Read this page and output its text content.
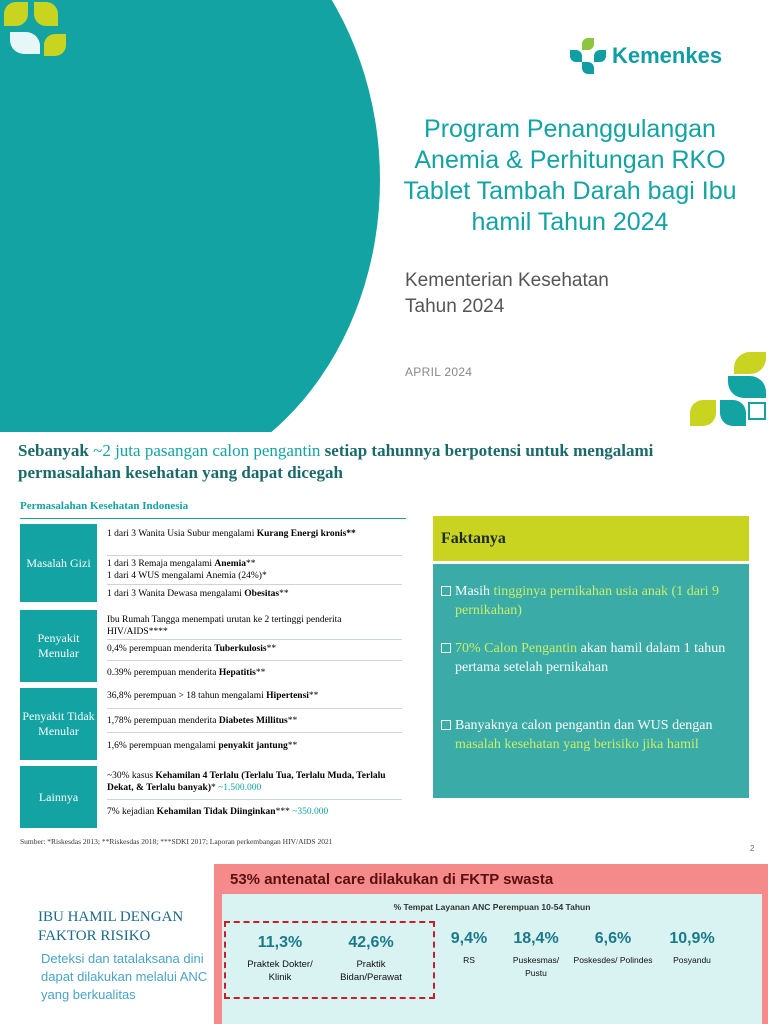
Kemenkes
Program Penanggulangan Anemia & Perhitungan RKO Tablet Tambah Darah bagi Ibu hamil Tahun 2024
Kementerian Kesehatan
Tahun 2024
APRIL 2024
Sebanyak ~2 juta pasangan calon pengantin setiap tahunnya berpotensi untuk mengalami permasalahan kesehatan yang dapat dicegah
Permasalahan Kesehatan Indonesia
Masalah Gizi
Penyakit Menular
Penyakit Tidak Menular
Lainnya
1 dari 3 Wanita Usia Subur mengalami Kurang Energi kronis**
1 dari 3 Remaja mengalami Anemia**
1 dari 4 WUS mengalami Anemia (24%)*
1 dari 3 Wanita Dewasa mengalami Obesitas**
Ibu Rumah Tangga menempati urutan ke 2 tertinggi penderita HIV/AIDS****
0,4% perempuan menderita Tuberkulosis**
0.39% perempuan menderita Hepatitis**
36,8% perempuan > 18 tahun mengalami Hipertensi**
1,78% perempuan menderita Diabetes Millitus**
1,6% perempuan mengalami penyakit jantung**
~30% kasus Kehamilan 4 Terlalu (Terlalu Tua, Terlalu Muda, Terlalu Dekat, & Terlalu banyak)* ~1.500.000
7% kejadian Kehamilan Tidak Diinginkan*** ~350.000
Sumber: *Riskesdas 2013; **Riskesdas 2018; ***SDKI 2017; Laporan perkembangan HIV/AIDS 2021
2
Faktanya
Masih tingginya pernikahan usia anak (1 dari 9 pernikahan)
70% Calon Pengantin akan hamil dalam 1 tahun pertama setelah pernikahan
Banyaknya calon pengantin dan WUS dengan masalah kesehatan yang berisiko jika hamil
IBU HAMIL DENGAN FAKTOR RISIKO
Deteksi dan tatalaksana dini dapat dilakukan melalui ANC yang berkualitas
53% antenatal care dilakukan di FKTP swasta
% Tempat Layanan ANC Perempuan 10-54 Tahun
11,3%
Praktek Dokter/ Klinik
42,6%
Praktik Bidan/Perawat
9,4%
RS
18,4%
Puskesmas/ Pustu
6,6%
Poskesdes/ Polindes
10,9%
Posyandu
